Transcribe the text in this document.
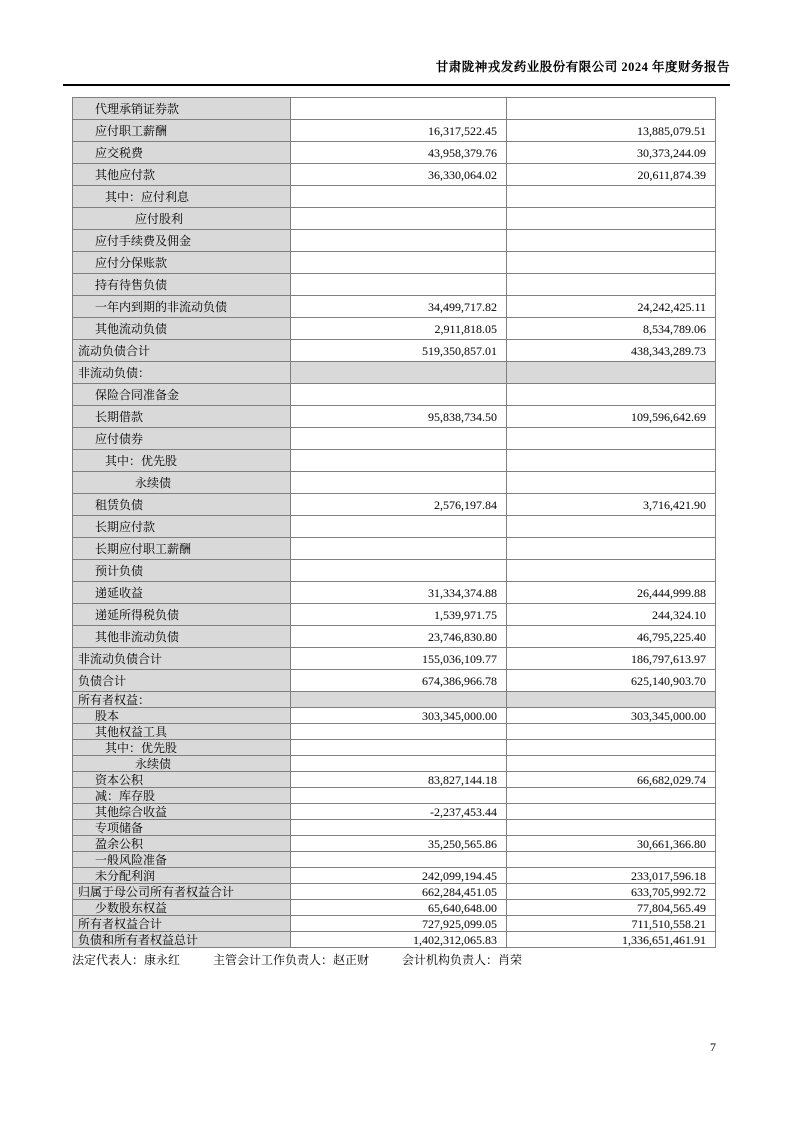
甘肃陇神戎发药业股份有限公司 2024 年度财务报告
代理承销证券款		
应付职工薪酬	16,317,522.45	13,885,079.51
应交税费	43,958,379.76	30,373,244.09
其他应付款	36,330,064.02	20,611,874.39
其中：应付利息		
应付股利		
应付手续费及佣金		
应付分保账款		
持有待售负债		
一年内到期的非流动负债	34,499,717.82	24,242,425.11
其他流动负债	2,911,818.05	8,534,789.06
流动负债合计	519,350,857.01	438,343,289.73
非流动负债：		
保险合同准备金		
长期借款	95,838,734.50	109,596,642.69
应付债券		
其中：优先股		
永续债		
租赁负债	2,576,197.84	3,716,421.90
长期应付款		
长期应付职工薪酬		
预计负债		
递延收益	31,334,374.88	26,444,999.88
递延所得税负债	1,539,971.75	244,324.10
其他非流动负债	23,746,830.80	46,795,225.40
非流动负债合计	155,036,109.77	186,797,613.97
负债合计	674,386,966.78	625,140,903.70
所有者权益：		
股本	303,345,000.00	303,345,000.00
其他权益工具		
其中：优先股		
永续债		
资本公积	83,827,144.18	66,682,029.74
减：库存股		
其他综合收益	-2,237,453.44	
专项储备		
盈余公积	35,250,565.86	30,661,366.80
一般风险准备		
未分配利润	242,099,194.45	233,017,596.18
归属于母公司所有者权益合计	662,284,451.05	633,705,992.72
少数股东权益	65,640,648.00	77,804,565.49
所有者权益合计	727,925,099.05	711,510,558.21
负债和所有者权益总计	1,402,312,065.83	1,336,651,461.91
法定代表人：康永红	主管会计工作负责人：赵正财	会计机构负责人：肖荣
7
